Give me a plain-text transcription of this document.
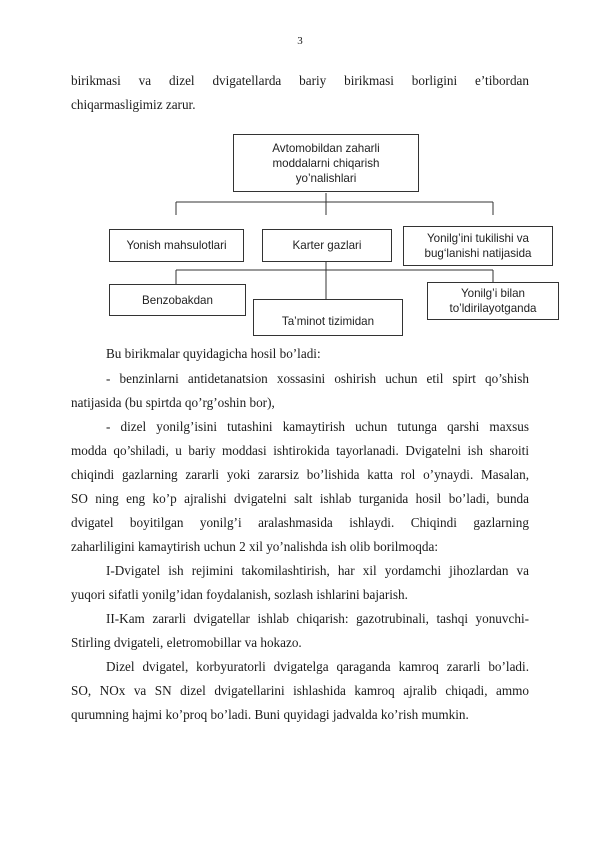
3
birikmasi va dizel dvigatellarda bariy birikmasi borligini e’tibordan
chiqarmasligimiz zarur.
Avtomobildan zaharli
moddalarni chiqarish
yo’nalishlari
Yonish mahsulotlari	Karter gazlari
Yonilg’ini tukilishi va
bug‘lanishi natijasida
Benzobakdan
Ta’minot tizimidan
Yonilg’i bilan
to’ldirilayotganda
Bu birikmalar quyidagicha hosil bo’ladi:
- benzinlarni antidetanatsion xossasini oshirish uchun etil spirt qo’shish
natijasida (bu spirtda qo’rg’oshin bor),
- dizel yonilg’isini tutashini kamaytirish uchun tutunga qarshi maxsus
modda qo’shiladi, u bariy moddasi ishtirokida tayorlanadi. Dvigatelni ish sharoiti
chiqindi gazlarning zararli yoki zararsiz bo’lishida katta rol o’ynaydi. Masalan,
SO ning eng ko’p ajralishi dvigatelni salt ishlab turganida hosil bo’ladi, bunda
dvigatel boyitilgan yonilg’i aralashmasida ishlaydi. Chiqindi gazlarning
zaharliligini kamaytirish uchun 2 xil yo’nalishda ish olib borilmoqda:
I-Dvigatel ish rejimini takomilashtirish, har xil yordamchi jihozlardan va
yuqori sifatli yonilg’idan foydalanish, sozlash ishlarini bajarish.
II-Kam zararli dvigatellar ishlab chiqarish: gazotrubinali, tashqi yonuvchi-
Stirling dvigateli, eletromobillar va hokazo.
Dizel dvigatel, korbyuratorli dvigatelga qaraganda kamroq zararli bo’ladi.
SO, NOx va SN dizel dvigatellarini ishlashida kamroq ajralib chiqadi, ammo
qurumning hajmi ko’proq bo’ladi. Buni quyidagi jadvalda ko’rish mumkin.
